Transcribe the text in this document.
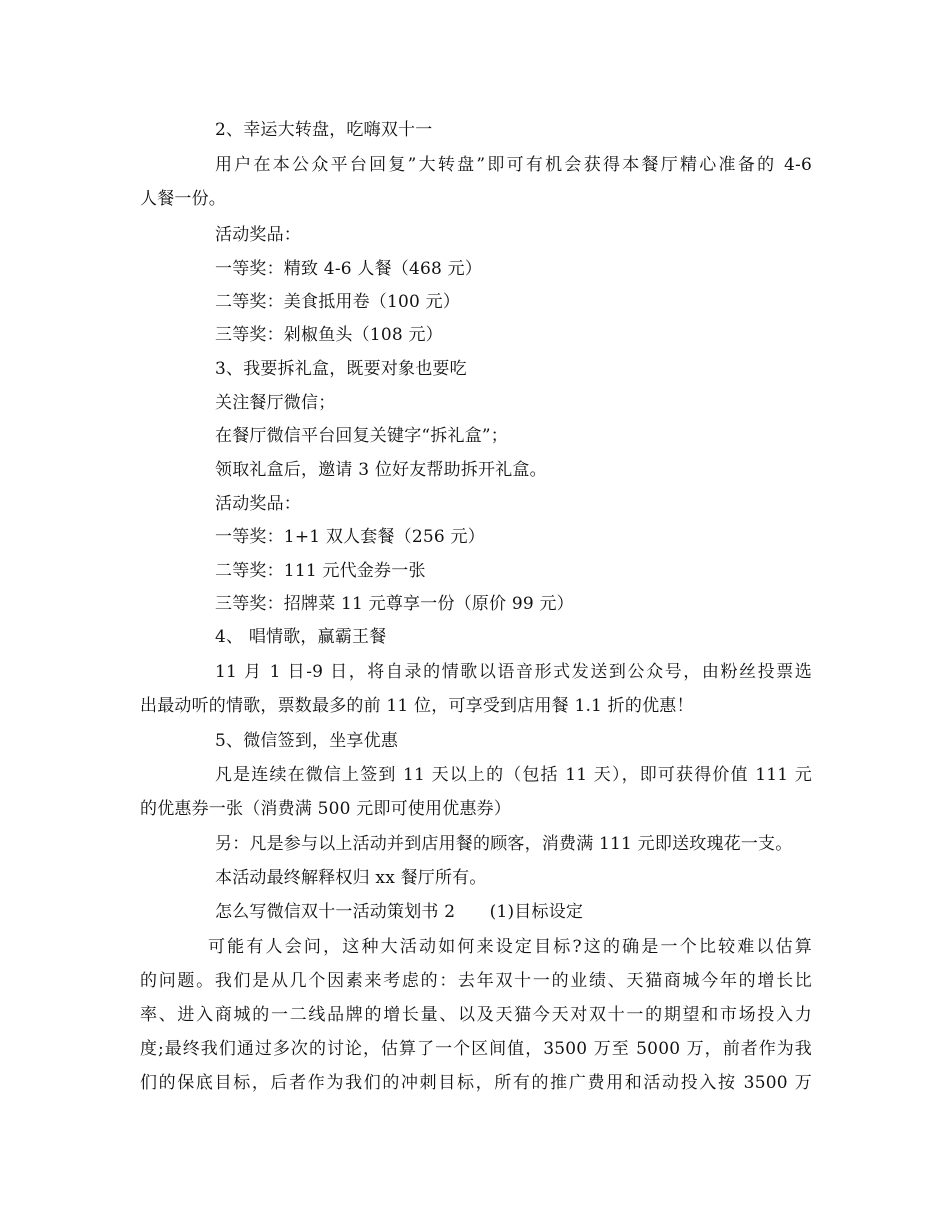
2、幸运大转盘，吃嗨双十一
用户在本公众平台回复”大转盘”即可有机会获得本餐厅精心准备的 4-6
人餐一份。
活动奖品：
一等奖：精致 4-6 人餐（468 元）
二等奖：美食抵用卷（100 元）
三等奖：剁椒鱼头（108 元）
3、我要拆礼盒，既要对象也要吃
关注餐厅微信；
在餐厅微信平台回复关键字“拆礼盒”；
领取礼盒后，邀请 3 位好友帮助拆开礼盒。
活动奖品：
一等奖：1+1 双人套餐（256 元）
二等奖：111 元代金券一张
三等奖：招牌菜 11 元尊享一份（原价 99 元）
4、 唱情歌，赢霸王餐
11 月 1 日-9 日，将自录的情歌以语音形式发送到公众号，由粉丝投票选
出最动听的情歌，票数最多的前 11 位，可享受到店用餐 1.1 折的优惠！
5、微信签到，坐享优惠
凡是连续在微信上签到 11 天以上的（包括 11 天），即可获得价值 111 元
的优惠券一张（消费满 500 元即可使用优惠券）
另：凡是参与以上活动并到店用餐的顾客，消费满 111 元即送玫瑰花一支。
本活动最终解释权归 xx 餐厅所有。
怎么写微信双十一活动策划书 2　　(1)目标设定
可能有人会问，这种大活动如何来设定目标?这的确是一个比较难以估算
的问题。我们是从几个因素来考虑的：去年双十一的业绩、天猫商城今年的增长比
率、进入商城的一二线品牌的增长量、以及天猫今天对双十一的期望和市场投入力
度;最终我们通过多次的讨论，估算了一个区间值，3500 万至 5000 万，前者作为我
们的保底目标，后者作为我们的冲刺目标，所有的推广费用和活动投入按 3500 万
